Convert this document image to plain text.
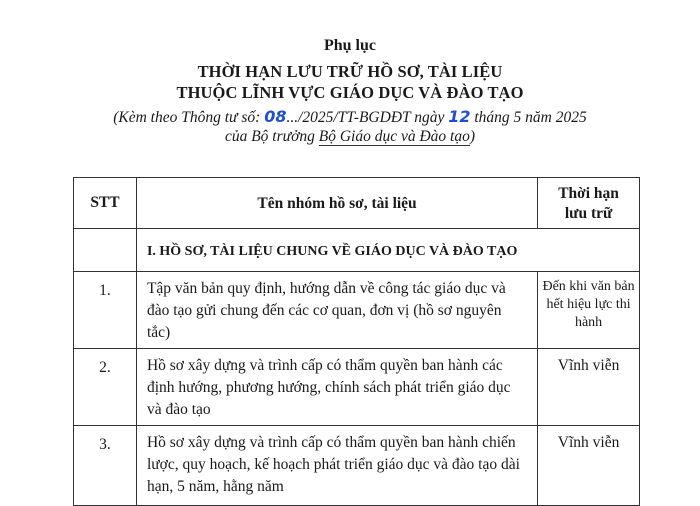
Phụ lục
THỜI HẠN LƯU TRỮ HỒ SƠ, TÀI LIỆU
THUỘC LĨNH VỰC GIÁO DỤC VÀ ĐÀO TẠO
(Kèm theo Thông tư số: 08.../2025/TT-BGDĐT ngày 12 tháng 5 năm 2025
của Bộ trưởng Bộ Giáo dục và Đào tạo)
STT	Tên nhóm hồ sơ, tài liệu	Thời hạn
lưu trữ

	I. HỒ SƠ, TÀI LIỆU CHUNG VỀ GIÁO DỤC VÀ ĐÀO TẠO	
1.	Tập văn bản quy định, hướng dẫn về công tác giáo dục và đào tạo gửi chung đến các cơ quan, đơn vị (hồ sơ nguyên tắc)	Đến khi văn bản hết hiệu lực thi hành
2.	Hồ sơ xây dựng và trình cấp có thẩm quyền ban hành các định hướng, phương hướng, chính sách phát triển giáo dục và đào tạo	Vĩnh viễn
3.	Hồ sơ xây dựng và trình cấp có thẩm quyền ban hành chiến lược, quy hoạch, kế hoạch phát triển giáo dục và đào tạo dài hạn, 5 năm, hằng năm	Vĩnh viễn
